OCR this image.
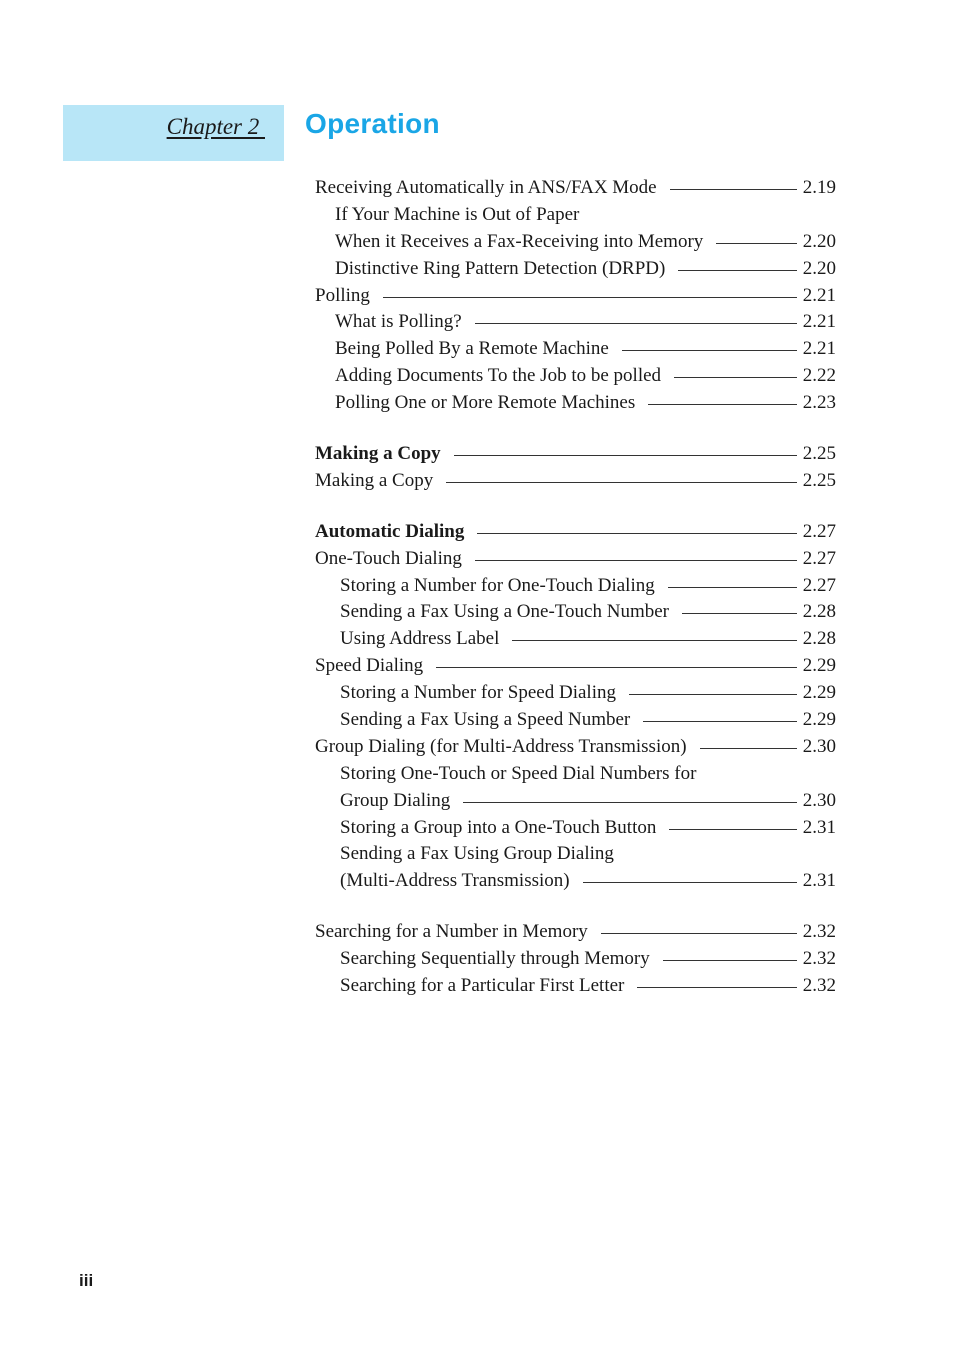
Chapter 2 Operation
Receiving Automatically in ANS/FAX Mode	2.19
If Your Machine is Out of Paper
When it Receives a Fax-Receiving into Memory	2.20
Distinctive Ring Pattern Detection (DRPD)	2.20
Polling	2.21
What is Polling?	2.21
Being Polled By a Remote Machine	2.21
Adding Documents To the Job to be polled	2.22
Polling One or More Remote Machines	2.23
Making a Copy	2.25
Making a Copy	2.25
Automatic Dialing	2.27
One-Touch Dialing	2.27
Storing a Number for One-Touch Dialing	2.27
Sending a Fax Using a One-Touch Number	2.28
Using Address Label	2.28
Speed Dialing	2.29
Storing a Number for Speed Dialing	2.29
Sending a Fax Using a Speed Number	2.29
Group Dialing (for Multi-Address Transmission)	2.30
Storing One-Touch or Speed Dial Numbers for
Group Dialing	2.30
Storing a Group into a One-Touch Button	2.31
Sending a Fax Using Group Dialing
(Multi-Address Transmission)	2.31
Searching for a Number in Memory	2.32
Searching Sequentially through Memory	2.32
Searching for a Particular First Letter	2.32
iii
